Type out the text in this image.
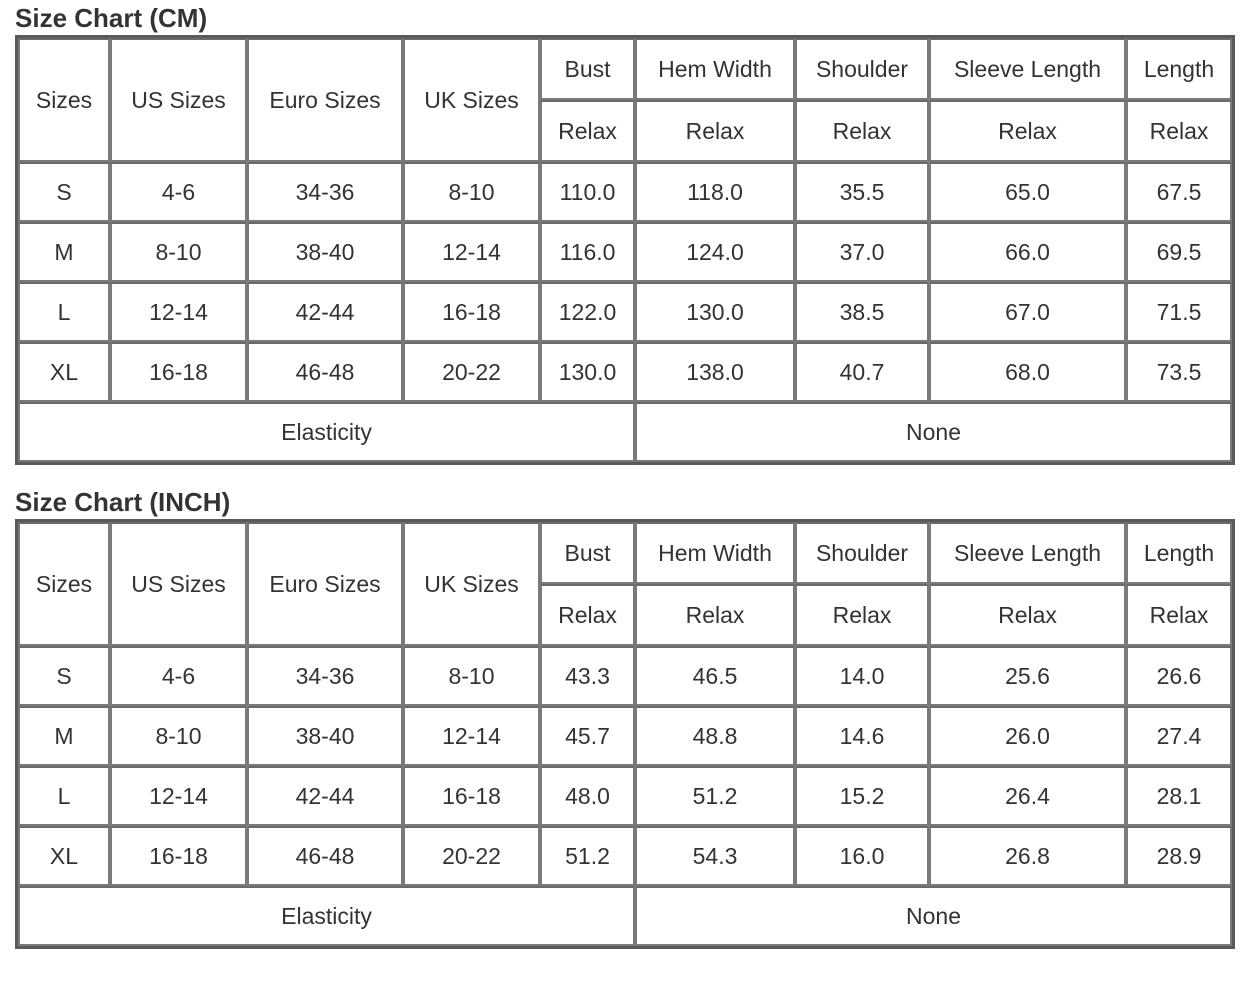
Size Chart (CM)
Sizes	US Sizes	Euro Sizes	UK Sizes	Bust	Hem Width	Shoulder	Sleeve Length	Length
				Relax	Relax	Relax	Relax	Relax
S	4-6	34-36	8-10	110.0	118.0	35.5	65.0	67.5
M	8-10	38-40	12-14	116.0	124.0	37.0	66.0	69.5
L	12-14	42-44	16-18	122.0	130.0	38.5	67.0	71.5
XL	16-18	46-48	20-22	130.0	138.0	40.7	68.0	73.5
Elasticity					None			
Size Chart (INCH)
Sizes	US Sizes	Euro Sizes	UK Sizes	Bust	Hem Width	Shoulder	Sleeve Length	Length
				Relax	Relax	Relax	Relax	Relax
S	4-6	34-36	8-10	43.3	46.5	14.0	25.6	26.6
M	8-10	38-40	12-14	45.7	48.8	14.6	26.0	27.4
L	12-14	42-44	16-18	48.0	51.2	15.2	26.4	28.1
XL	16-18	46-48	20-22	51.2	54.3	16.0	26.8	28.9
Elasticity					None			
